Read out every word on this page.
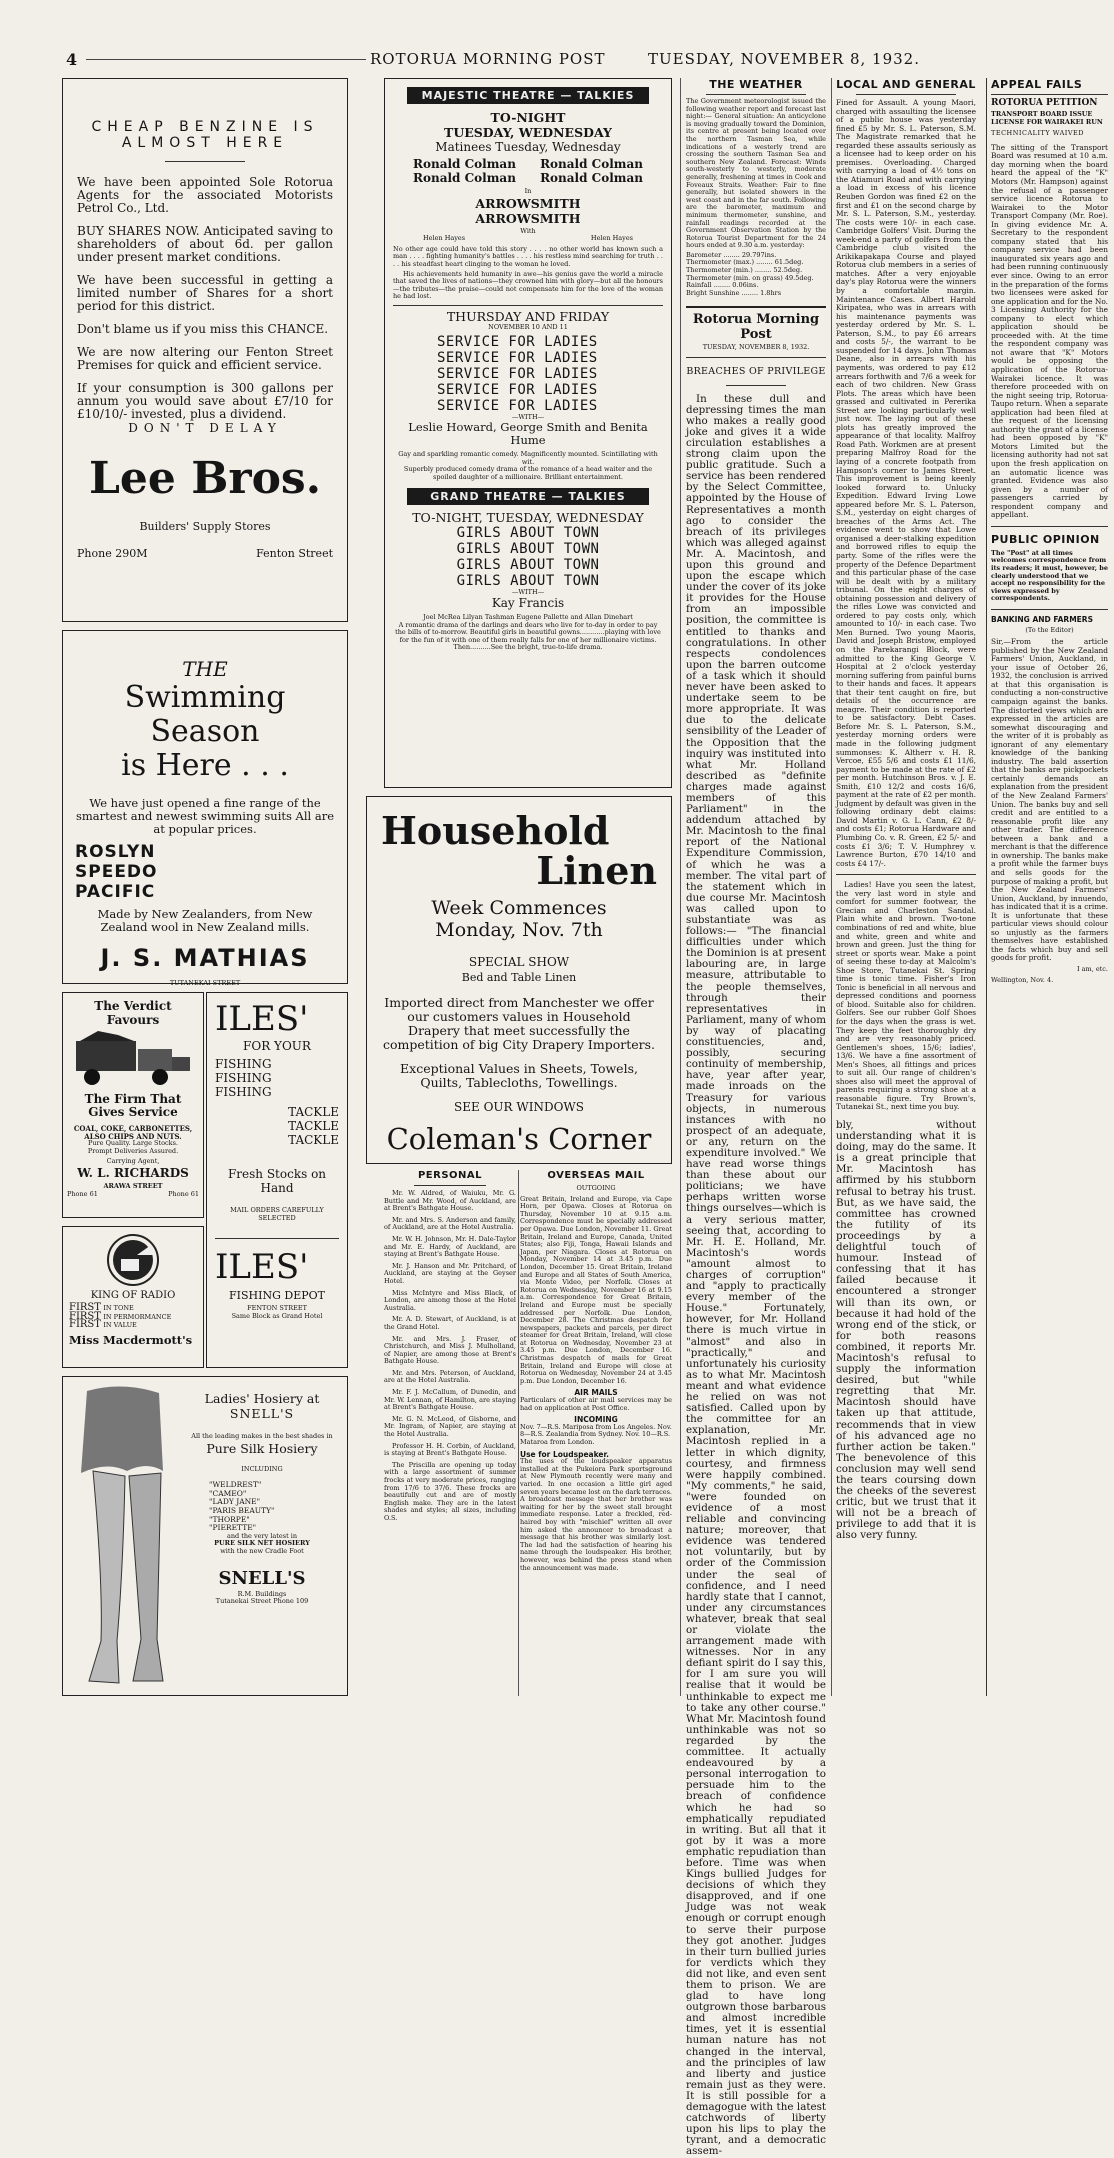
4	ROTORUA MORNING POST	TUESDAY, NOVEMBER 8, 1932.
CHEAP BENZINE IS
ALMOST HERE

We have been appointed Sole Rotorua Agents for the associated Motorists Petrol Co., Ltd.

BUY SHARES NOW. Anticipated saving to shareholders of about 6d. per gallon under present market conditions.

We have been successful in getting a limited number of Shares for a short period for this district.

Don't blame us if you miss this CHANCE.

We are now altering our Fenton Street Premises for quick and efficient service.

If your consumption is 300 gallons per annum you would save about £7/10 for £10/10/- invested, plus a dividend.

DON'T DELAY
Lee Bros.
Builders' Supply Stores
Phone 290M	Fenton Street
THE
Swimming Season
is Here . . .

We have just opened a fine range of the smartest and newest swimming suits All are at popular prices.

ROSLYN
SPEEDO
PACIFIC

Made by New Zealanders, from New Zealand wool in New Zealand mills.

J. S. MATHIAS
TUTANEKAI STREET
The Verdict Favours
The Firm That Gives Service
COAL, COKE, CARBONETTES, ALSO CHIPS AND NUTS.
Pure Quality. Large Stocks.
Prompt Deliveries Assured.
Carrying Agent,
W. L. RICHARDS
ARAWA STREET
Phone 61	Phone 61
KING OF RADIO
FIRST IN TONE
FIRST IN PERMORMANCE
FIRST IN VALUE
Miss Macdermott's
ILES'
FOR YOUR
FISHING
FISHING
FISHING
TACKLE
TACKLE
TACKLE
Fresh Stocks on Hand
MAIL ORDERS CAREFULLY SELECTED
ILES'
FISHING DEPOT
FENTON STREET
Same Block as Grand Hotel
Ladies' Hosiery at
SNELL'S
All the leading makes in the best shades in
Pure Silk Hosiery
INCLUDING
"WELDREST"
"CAMEO"
"LADY JANE"
"PARIS BEAUTY"
"THORPE"
"PIERETTE"
and the very latest in
PURE SILK NET HOSIERY
with the new Cradle Foot
SNELL'S
R.M. Buildings
Tutanekai Street Phone 109
MAJESTIC THEATRE — TALKIES
TO-NIGHT
TUESDAY, WEDNESDAY
Matinees Tuesday, Wednesday
Ronald Colman Ronald Colman
Ronald Colman Ronald Colman
In
ARROWSMITH
ARROWSMITH
With
Helen Hayes	Helen Hayes

No other age could have told this story . . . . no other world has known such a man . . . . fighting humanity's battles . . . . his restless mind searching for truth . . . . his steadfast heart clinging to the woman he loved.

His achievements held humanity in awe—his genius gave the world a miracle that saved the lives of nations—they crowned him with glory—but all the honours—the tributes—the praise—could not compensate him for the love of the woman he had lost.

THURSDAY AND FRIDAY
NOVEMBER 10 AND 11
SERVICE FOR LADIES
SERVICE FOR LADIES
SERVICE FOR LADIES
SERVICE FOR LADIES
SERVICE FOR LADIES
—WITH—
Leslie Howard, George Smith and Benita Hume

Gay and sparkling romantic comedy. Magnificently mounted. Scintillating with wit.

Superbly produced comedy drama of the romance of a head waiter and the spoiled daughter of a millionaire. Brilliant entertainment.

GRAND THEATRE — TALKIES
TO-NIGHT, TUESDAY, WEDNESDAY
GIRLS ABOUT TOWN
GIRLS ABOUT TOWN
GIRLS ABOUT TOWN
GIRLS ABOUT TOWN
—WITH—
Kay Francis
Joel McRea Lilyan Tashman Eugene Pallette and Allan Dinehart

A romantic drama of the darlings and dears who live for to-day in order to pay the bills of to-morrow. Beautiful girls in beautiful gowns............playing with love for the fun of it with one of them really falls for one of her millionaire victims. Then..........See the bright, true-to-life drama.

Household
Linen
Week Commences
Monday, Nov. 7th
SPECIAL SHOW
Bed and Table Linen

Imported direct from Manchester we offer our customers values in Household Drapery that meet successfully the competition of big City Drapery Importers.

Exceptional Values in Sheets, Towels, Quilts, Tablecloths, Towellings.

SEE OUR WINDOWS
Coleman's Corner
PERSONAL

Mr. W. Aldred, of Waiuku, Mr. G. Buttle and Mr. Wood, of Auckland, are at Brent's Bathgate House.

Mr. and Mrs. S. Anderson and family, of Auckland, are at the Hotel Australia.

Mr. W. H. Johnson, Mr. H. Dale-Taylor and Mr. E. Hardy, of Auckland, are staying at Brent's Bathgate House.

Mr. J. Hanson and Mr. Pritchard, of Auckland, are staying at the Geyser Hotel.

Miss McIntyre and Miss Black, of London, are among those at the Hotel Australia.

Mr. A. D. Stewart, of Auckland, is at the Grand Hotel.

Mr. and Mrs. J. Fraser, of Christchurch, and Miss J. Mulholland, of Napier, are among those at Brent's Bathgate House.

Mr. and Mrs. Peterson, of Auckland, are at the Hotel Australia.

Mr. F. J. McCallum, of Dunedin, and Mr. W. Lennan, of Hamilton, are staying at Brent's Bathgate House.

Mr. G. N. McLeod, of Gisborne, and Mr. Ingram, of Napier, are staying at the Hotel Australia.

Professor H. H. Corbin, of Auckland, is staying at Brent's Bathgate House.

The Priscilla are opening up today with a large assortment of summer frocks at very moderate prices, ranging from 17/6 to 37/6. These frocks are beautifully cut and are of mostly English make. They are in the latest shades and styles; all sizes, including O.S.

OVERSEAS MAIL
OUTGOING

Great Britain, Ireland and Europe, via Cape Horn, per Opawa. Closes at Rotorua on Thursday, November 10 at 9.15 a.m. Correspondence must be specially addressed per Opawa. Due London, November 11. Great Britain, Ireland and Europe, Canada, United States; also Fiji, Tonga, Hawaii Islands and Japan, per Niagara. Closes at Rotorua on Monday, November 14 at 3.45 p.m. Due London, December 15. Great Britain, Ireland and Europe and all States of South America, via Monte Video, per Norfolk. Closes at Rotorua on Wednesday, November 16 at 9.15 a.m. Correspondence for Great Britain, Ireland and Europe must be specially addressed per Norfolk. Due London, December 28. The Christmas despatch for newspapers, packets and parcels, per direct steamer for Great Britain, Ireland, will close at Rotorua on Wednesday, November 23 at 3.45 p.m. Due London, December 16. Christmas despatch of mails for Great Britain, Ireland and Europe will close at Rotorua on Wednesday, November 24 at 3.45 p.m. Due London, December 16.

AIR MAILS

Particulars of other air mail services may be had on application at Post Office.

INCOMING

Nov. 7—R.S. Mariposa from Los Angeles. Nov. 8—R.S. Zealandia from Sydney. Nov. 10—R.S. Mataroa from London.

Use for Loudspeaker.

The uses of the loudspeaker apparatus installed at the Pukeiora Park sportsground at New Plymouth recently were many and varied. In one occasion a little girl aged seven years became lost on the dark terraces. A broadcast message that her brother was waiting for her by the sweet stall brought immediate response. Later a freckled, red-haired boy with "mischief" written all over him asked the announcer to broadcast a message that his brother was similarly lost. The lad had the satisfaction of hearing his name through the loudspeaker. His brother, however, was behind the press stand when the announcement was made.

THE WEATHER

The Government meteorologist issued the following weather report and forecast last night:— General situation: An anticyclone is moving gradually toward the Dominion, its centre at present being located over the northern Tasman Sea, while indications of a westerly trend are crossing the southern Tasman Sea and southern New Zealand. Forecast: Winds south-westerly to westerly, moderate generally, freshening at times in Cook and Foveaux Straits. Weather: Fair to fine generally, but isolated showers in the west coast and in the far south. Following are the barometer, maximum and minimum thermometer, sunshine, and rainfall readings recorded at the Government Observation Station by the Rotorua Tourist Department for the 24 hours ended at 9.30 a.m. yesterday:

Barometer ........ 29.797ins.
Thermometer (max.) ........ 61.5deg.
Thermometer (min.) ........ 52.5deg.
Thermometer (min. on grass) 49.5deg.
Rainfall ........ 0.06ins.
Bright Sunshine ........ 1.8hrs
Rotorua Morning Post
TUESDAY, NOVEMBER 8, 1932.
BREACHES OF PRIVILEGE

In these dull and depressing times the man who makes a really good joke and gives it a wide circulation establishes a strong claim upon the public gratitude. Such a service has been rendered by the Select Committee, appointed by the House of Representatives a month ago to consider the breach of its privileges which was alleged against Mr. A. Macintosh, and upon this ground and upon the escape which under the cover of its joke it provides for the House from an impossible position, the committee is entitled to thanks and congratulations. In other respects condolences upon the barren outcome of a task which it should never have been asked to undertake seem to be more appropriate. It was due to the delicate sensibility of the Leader of the Opposition that the inquiry was instituted into what Mr. Holland described as "definite charges made against members of this Parliament" in the addendum attached by Mr. Macintosh to the final report of the National Expenditure Commission, of which he was a member. The vital part of the statement which in due course Mr. Macintosh was called upon to substantiate was as follows:— "The financial difficulties under which the Dominion is at present labouring are, in large measure, attributable to the people themselves, through their representatives in Parliament, many of whom by way of placating constituencies, and, possibly, securing continuity of membership, have, year after year, made inroads on the Treasury for various objects, in numerous instances with no prospect of an adequate, or any, return on the expenditure involved." We have read worse things than these about our politicians; we have perhaps written worse things ourselves—which is a very serious matter, seeing that, according to Mr. H. E. Holland, Mr. Macintosh's words "amount almost to charges of corruption" and "apply to practically every member of the House." Fortunately, however, for Mr. Holland there is much virtue in "almost" and also in "practically," and unfortunately his curiosity as to what Mr. Macintosh meant and what evidence he relied on was not satisfied. Called upon by the committee for an explanation, Mr. Macintosh replied in a letter in which dignity, courtesy, and firmness were happily combined. "My comments," he said, "were founded on evidence of a most reliable and convincing nature; moreover, that evidence was tendered not voluntarily, but by order of the Commission under the seal of confidence, and I need hardly state that I cannot, under any circumstances whatever, break that seal or violate the arrangement made with witnesses. Nor in any defiant spirit do I say this, for I am sure you will realise that it would be unthinkable to expect me to take any other course." What Mr. Macintosh found unthinkable was not so regarded by the committee. It actually endeavoured by a personal interrogation to persuade him to the breach of confidence which he had so emphatically repudiated in writing. But all that it got by it was a more emphatic repudiation than before. Time was when Kings bullied Judges for decisions of which they disapproved, and if one Judge was not weak enough or corrupt enough to serve their purpose they got another. Judges in their turn bullied juries for verdicts which they did not like, and even sent them to prison. We are glad to have long outgrown those barbarous and almost incredible times, yet it is essential human nature has not changed in the interval, and the principles of law and liberty and justice remain just as they were. It is still possible for a demagogue with the latest catchwords of liberty upon his lips to play the tyrant, and a democratic assem-

LOCAL AND GENERAL

Fined for Assault. A young Maori, charged with assaulting the licensee of a public house was yesterday fined £5 by Mr. S. L. Paterson, S.M. The Magistrate remarked that he regarded these assaults seriously as a licensee had to keep order on his premises. Overloading. Charged with carrying a load of 4½ tons on the Atiamuri Road and with carrying a load in excess of his licence Reuben Gordon was fined £2 on the first and £1 on the second charge by Mr. S. L. Paterson, S.M., yesterday. The costs were 10/- in each case. Cambridge Golfers' Visit. During the week-end a party of golfers from the Cambridge club visited the Arikikapakapa Course and played Rotorua club members in a series of matches. After a very enjoyable day's play Rotorua were the winners by a comfortable margin. Maintenance Cases. Albert Harold Kiripatea, who was in arrears with his maintenance payments was yesterday ordered by Mr. S. L. Paterson, S.M., to pay £6 arrears and costs 5/-, the warrant to be suspended for 14 days. John Thomas Deane, also in arrears with his payments, was ordered to pay £12 arrears forthwith and 7/6 a week for each of two children. New Grass Plots. The areas which have been grassed and cultivated in Pererika Street are looking particularly well just now. The laying out of these plots has greatly improved the appearance of that locality. Malfroy Road Path. Workmen are at present preparing Malfroy Road for the laying of a concrete footpath from Hampson's corner to James Street. This improvement is being keenly looked forward to. Unlucky Expedition. Edward Irving Lowe appeared before Mr. S. L. Paterson, S.M., yesterday on eight charges of breaches of the Arms Act. The evidence went to show that Lowe organised a deer-stalking expedition and borrowed rifles to equip the party. Some of the rifles were the property of the Defence Department and this particular phase of the case will be dealt with by a military tribunal. On the eight charges of obtaining possession and delivery of the rifles Lowe was convicted and ordered to pay costs only, which amounted to 10/- in each case. Two Men Burned. Two young Maoris, David and Joseph Bristow, employed on the Parekarangi Block, were admitted to the King George V. Hospital at 2 o'clock yesterday morning suffering from painful burns to their hands and faces. It appears that their tent caught on fire, but details of the occurrence are meagre. Their condition is reported to be satisfactory. Debt Cases. Before Mr. S. L. Paterson, S.M., yesterday morning orders were made in the following judgment summonses: K. Altherr v. H. R. Vercoe, £55 5/6 and costs £1 11/6, payment to be made at the rate of £2 per month. Hutchinson Bros. v. J. E. Smith, £10 12/2 and costs 16/6, payment at the rate of £2 per month. Judgment by default was given in the following ordinary debt claims: David Martin v. G. L. Cann, £2 8/- and costs £1; Rotorua Hardware and Plumbing Co. v. R. Green, £2 5/- and costs £1 3/6; T. V. Humphrey v. Lawrence Burton, £70 14/10 and costs £4 17/-.

Ladies! Have you seen the latest, the very last word in style and comfort for summer footwear, the Grecian and Charleston Sandal. Plain white and brown. Two-tone combinations of red and white, blue and white, green and white and brown and green. Just the thing for street or sports wear. Make a point of seeing these to-day at Malcolm's Shoe Store, Tutanekai St. Spring time is tonic time. Fisher's Iron Tonic is beneficial in all nervous and depressed conditions and poorness of blood. Suitable also for children. Golfers. See our rubber Golf Shoes for the days when the grass is wet. They keep the feet thoroughly dry and are very reasonably priced. Gentlemen's shoes, 15/6; ladies', 13/6. We have a fine assortment of Men's Shoes, all fittings and prices to suit all. Our range of children's shoes also will meet the approval of parents requiring a strong shoe at a reasonable figure. Try Brown's, Tutanekai St., next time you buy.

bly, without understanding what it is doing, may do the same. It is a great principle that Mr. Macintosh has affirmed by his stubborn refusal to betray his trust. But, as we have said, the committee has crowned the futility of its proceedings by a delightful touch of humour. Instead of confessing that it has failed because it encountered a stronger will than its own, or because it had hold of the wrong end of the stick, or for both reasons combined, it reports Mr. Macintosh's refusal to supply the information desired, but "while regretting that Mr. Macintosh should have taken up that attitude, recommends that in view of his advanced age no further action be taken." The benevolence of this conclusion may well send the tears coursing down the cheeks of the severest critic, but we trust that it will not be a breach of privilege to add that it is also very funny.

APPEAL FAILS
ROTORUA PETITION
TRANSPORT BOARD ISSUE LICENSE FOR WAIRAKEI RUN
TECHNICALITY WAIVED

The sitting of the Transport Board was resumed at 10 a.m. day morning when the board heard the appeal of the "K" Motors (Mr. Hampson) against the refusal of a passenger service licence Rotorua to Wairakei to the Motor Transport Company (Mr. Roe). In giving evidence Mr. A. Secretary to the respondent company stated that his company service had been inaugurated six years ago and had been running continuously ever since. Owing to an error in the preparation of the forms two licensees were asked for one application and for the No. 3 Licensing Authority for the company to elect which application should be proceeded with. At the time the respondent company was not aware that "K" Motors would be opposing the application of the Rotorua-Wairakei licence. It was therefore proceeded with on the night seeing trip, Rotorua-Taupo return. When a separate application had been filed at the request of the licensing authority the grant of a license had been opposed by "K" Motors Limited but the licensing authority had not sat upon the fresh application on an automatic licence was granted. Evidence was also given by a number of passengers carried by respondent company and appellant.

PUBLIC OPINION

The "Post" at all times welcomes correspondence from its readers; it must, however, be clearly understood that we accept no responsibility for the views expressed by correspondents.

BANKING AND FARMERS
(To the Editor)

Sir,—From the article published by the New Zealand Farmers' Union, Auckland, in your issue of October 26, 1932, the conclusion is arrived at that this organisation is conducting a non-constructive campaign against the banks. The distorted views which are expressed in the articles are somewhat discouraging and the writer of it is probably as ignorant of any elementary knowledge of the banking industry. The bald assertion that the banks are pickpockets certainly demands an explanation from the president of the New Zealand Farmers' Union. The banks buy and sell credit and are entitled to a reasonable profit like any other trader. The difference between a bank and a merchant is that the difference in ownership. The banks make a profit while the farmer buys and sells goods for the purpose of making a profit, but the New Zealand Farmers' Union, Auckland, by innuendo, has indicated that it is a crime. It is unfortunate that these particular views should colour so unjustly as the farmers themselves have established the facts which buy and sell goods for profit.

I am, etc.
Wellington, Nov. 4.
